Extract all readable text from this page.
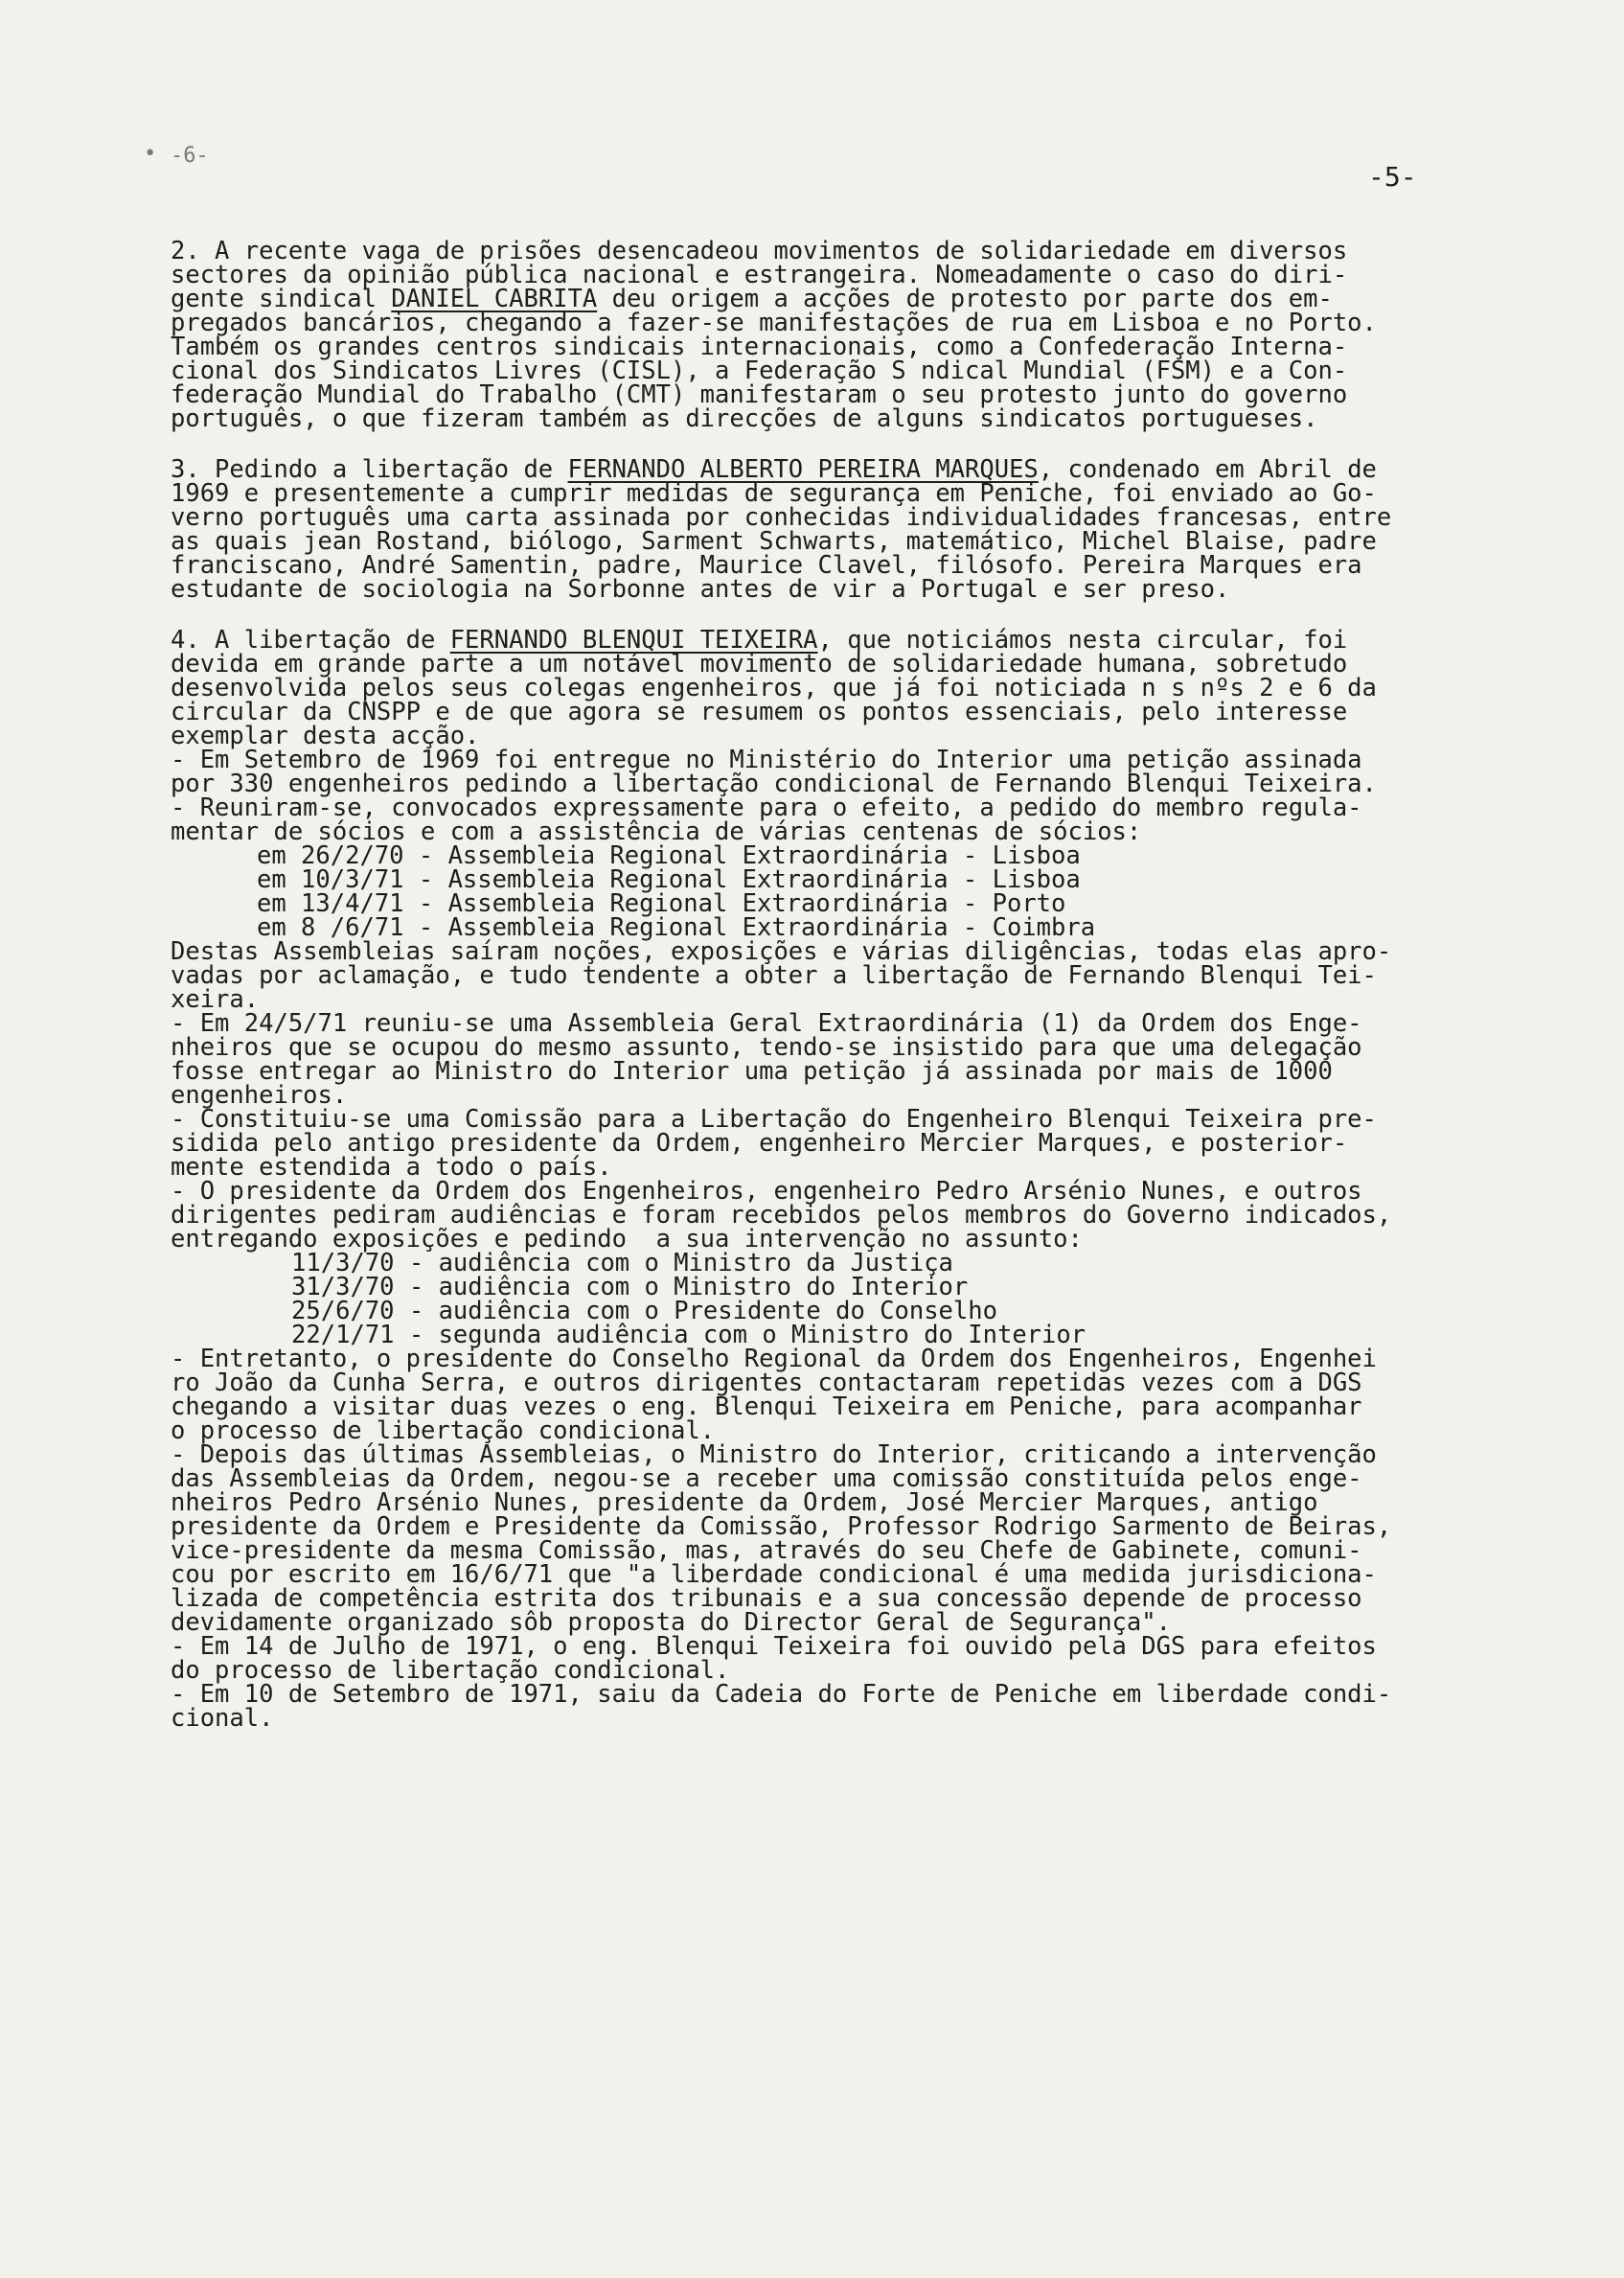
• -6-
-5-
2. A recente vaga de prisões desencadeou movimentos de solidariedade em diversos
sectores da opinião pública nacional e estrangeira. Nomeadamente o caso do diri-
gente sindical DANIEL CABRITA deu origem a acções de protesto por parte dos em-
pregados bancários, chegando a fazer-se manifestações de rua em Lisboa e no Porto.
Também os grandes centros sindicais internacionais, como a Confederação Interna-
cional dos Sindicatos Livres (CISL), a Federação S ndical Mundial (FSM) e a Con-
federação Mundial do Trabalho (CMT) manifestaram o seu protesto junto do governo
português, o que fizeram também as direcções de alguns sindicatos portugueses.
3. Pedindo a libertação de FERNANDO ALBERTO PEREIRA MARQUES, condenado em Abril de
1969 e presentemente a cumprir medidas de segurança em Peniche, foi enviado ao Go-
verno português uma carta assinada por conhecidas individualidades francesas, entre
as quais jean Rostand, biólogo, Sarment Schwarts, matemático, Michel Blaise, padre
franciscano, André Samentin, padre, Maurice Clavel, filósofo. Pereira Marques era
estudante de sociologia na Sorbonne antes de vir a Portugal e ser preso.
4. A libertação de FERNANDO BLENQUI TEIXEIRA, que noticiámos nesta circular, foi
devida em grande parte a um notável movimento de solidariedade humana, sobretudo
desenvolvida pelos seus colegas engenheiros, que já foi noticiada n s nºs 2 e 6 da
circular da CNSPP e de que agora se resumem os pontos essenciais, pelo interesse
exemplar desta acção.
- Em Setembro de 1969 foi entregue no Ministério do Interior uma petição assinada
por 330 engenheiros pedindo a libertação condicional de Fernando Blenqui Teixeira.
- Reuniram-se, convocados expressamente para o efeito, a pedido do membro regula-
mentar de sócios e com a assistência de várias centenas de sócios:
em 26/2/70 - Assembleia Regional Extraordinária - Lisboa
em 10/3/71 - Assembleia Regional Extraordinária - Lisboa
em 13/4/71 - Assembleia Regional Extraordinária - Porto
em 8 /6/71 - Assembleia Regional Extraordinária - Coimbra
Destas Assembleias saíram noções, exposições e várias diligências, todas elas apro-
vadas por aclamação, e tudo tendente a obter a libertação de Fernando Blenqui Tei-
xeira.
- Em 24/5/71 reuniu-se uma Assembleia Geral Extraordinária (1) da Ordem dos Enge-
nheiros que se ocupou do mesmo assunto, tendo-se insistido para que uma delegação
fosse entregar ao Ministro do Interior uma petição já assinada por mais de 1000
engenheiros.
- Constituiu-se uma Comissão para a Libertação do Engenheiro Blenqui Teixeira pre-
sidida pelo antigo presidente da Ordem, engenheiro Mercier Marques, e posterior-
mente estendida a todo o país.
- O presidente da Ordem dos Engenheiros, engenheiro Pedro Arsénio Nunes, e outros
dirigentes pediram audiências e foram recebidos pelos membros do Governo indicados,
entregando exposições e pedindo  a sua intervenção no assunto:
11/3/70 - audiência com o Ministro da Justiça
31/3/70 - audiência com o Ministro do Interior
25/6/70 - audiência com o Presidente do Conselho
22/1/71 - segunda audiência com o Ministro do Interior
- Entretanto, o presidente do Conselho Regional da Ordem dos Engenheiros, Engenhei
ro João da Cunha Serra, e outros dirigentes contactaram repetidas vezes com a DGS
chegando a visitar duas vezes o eng. Blenqui Teixeira em Peniche, para acompanhar
o processo de libertação condicional.
- Depois das últimas Assembleias, o Ministro do Interior, criticando a intervenção
das Assembleias da Ordem, negou-se a receber uma comissão constituída pelos enge-
nheiros Pedro Arsénio Nunes, presidente da Ordem, José Mercier Marques, antigo
presidente da Ordem e Presidente da Comissão, Professor Rodrigo Sarmento de Beiras,
vice-presidente da mesma Comissão, mas, através do seu Chefe de Gabinete, comuni-
cou por escrito em 16/6/71 que "a liberdade condicional é uma medida jurisdiciona-
lizada de competência estrita dos tribunais e a sua concessão depende de processo
devidamente organizado sôb proposta do Director Geral de Segurança".
- Em 14 de Julho de 1971, o eng. Blenqui Teixeira foi ouvido pela DGS para efeitos
do processo de libertação condicional.
- Em 10 de Setembro de 1971, saiu da Cadeia do Forte de Peniche em liberdade condi-
cional.
